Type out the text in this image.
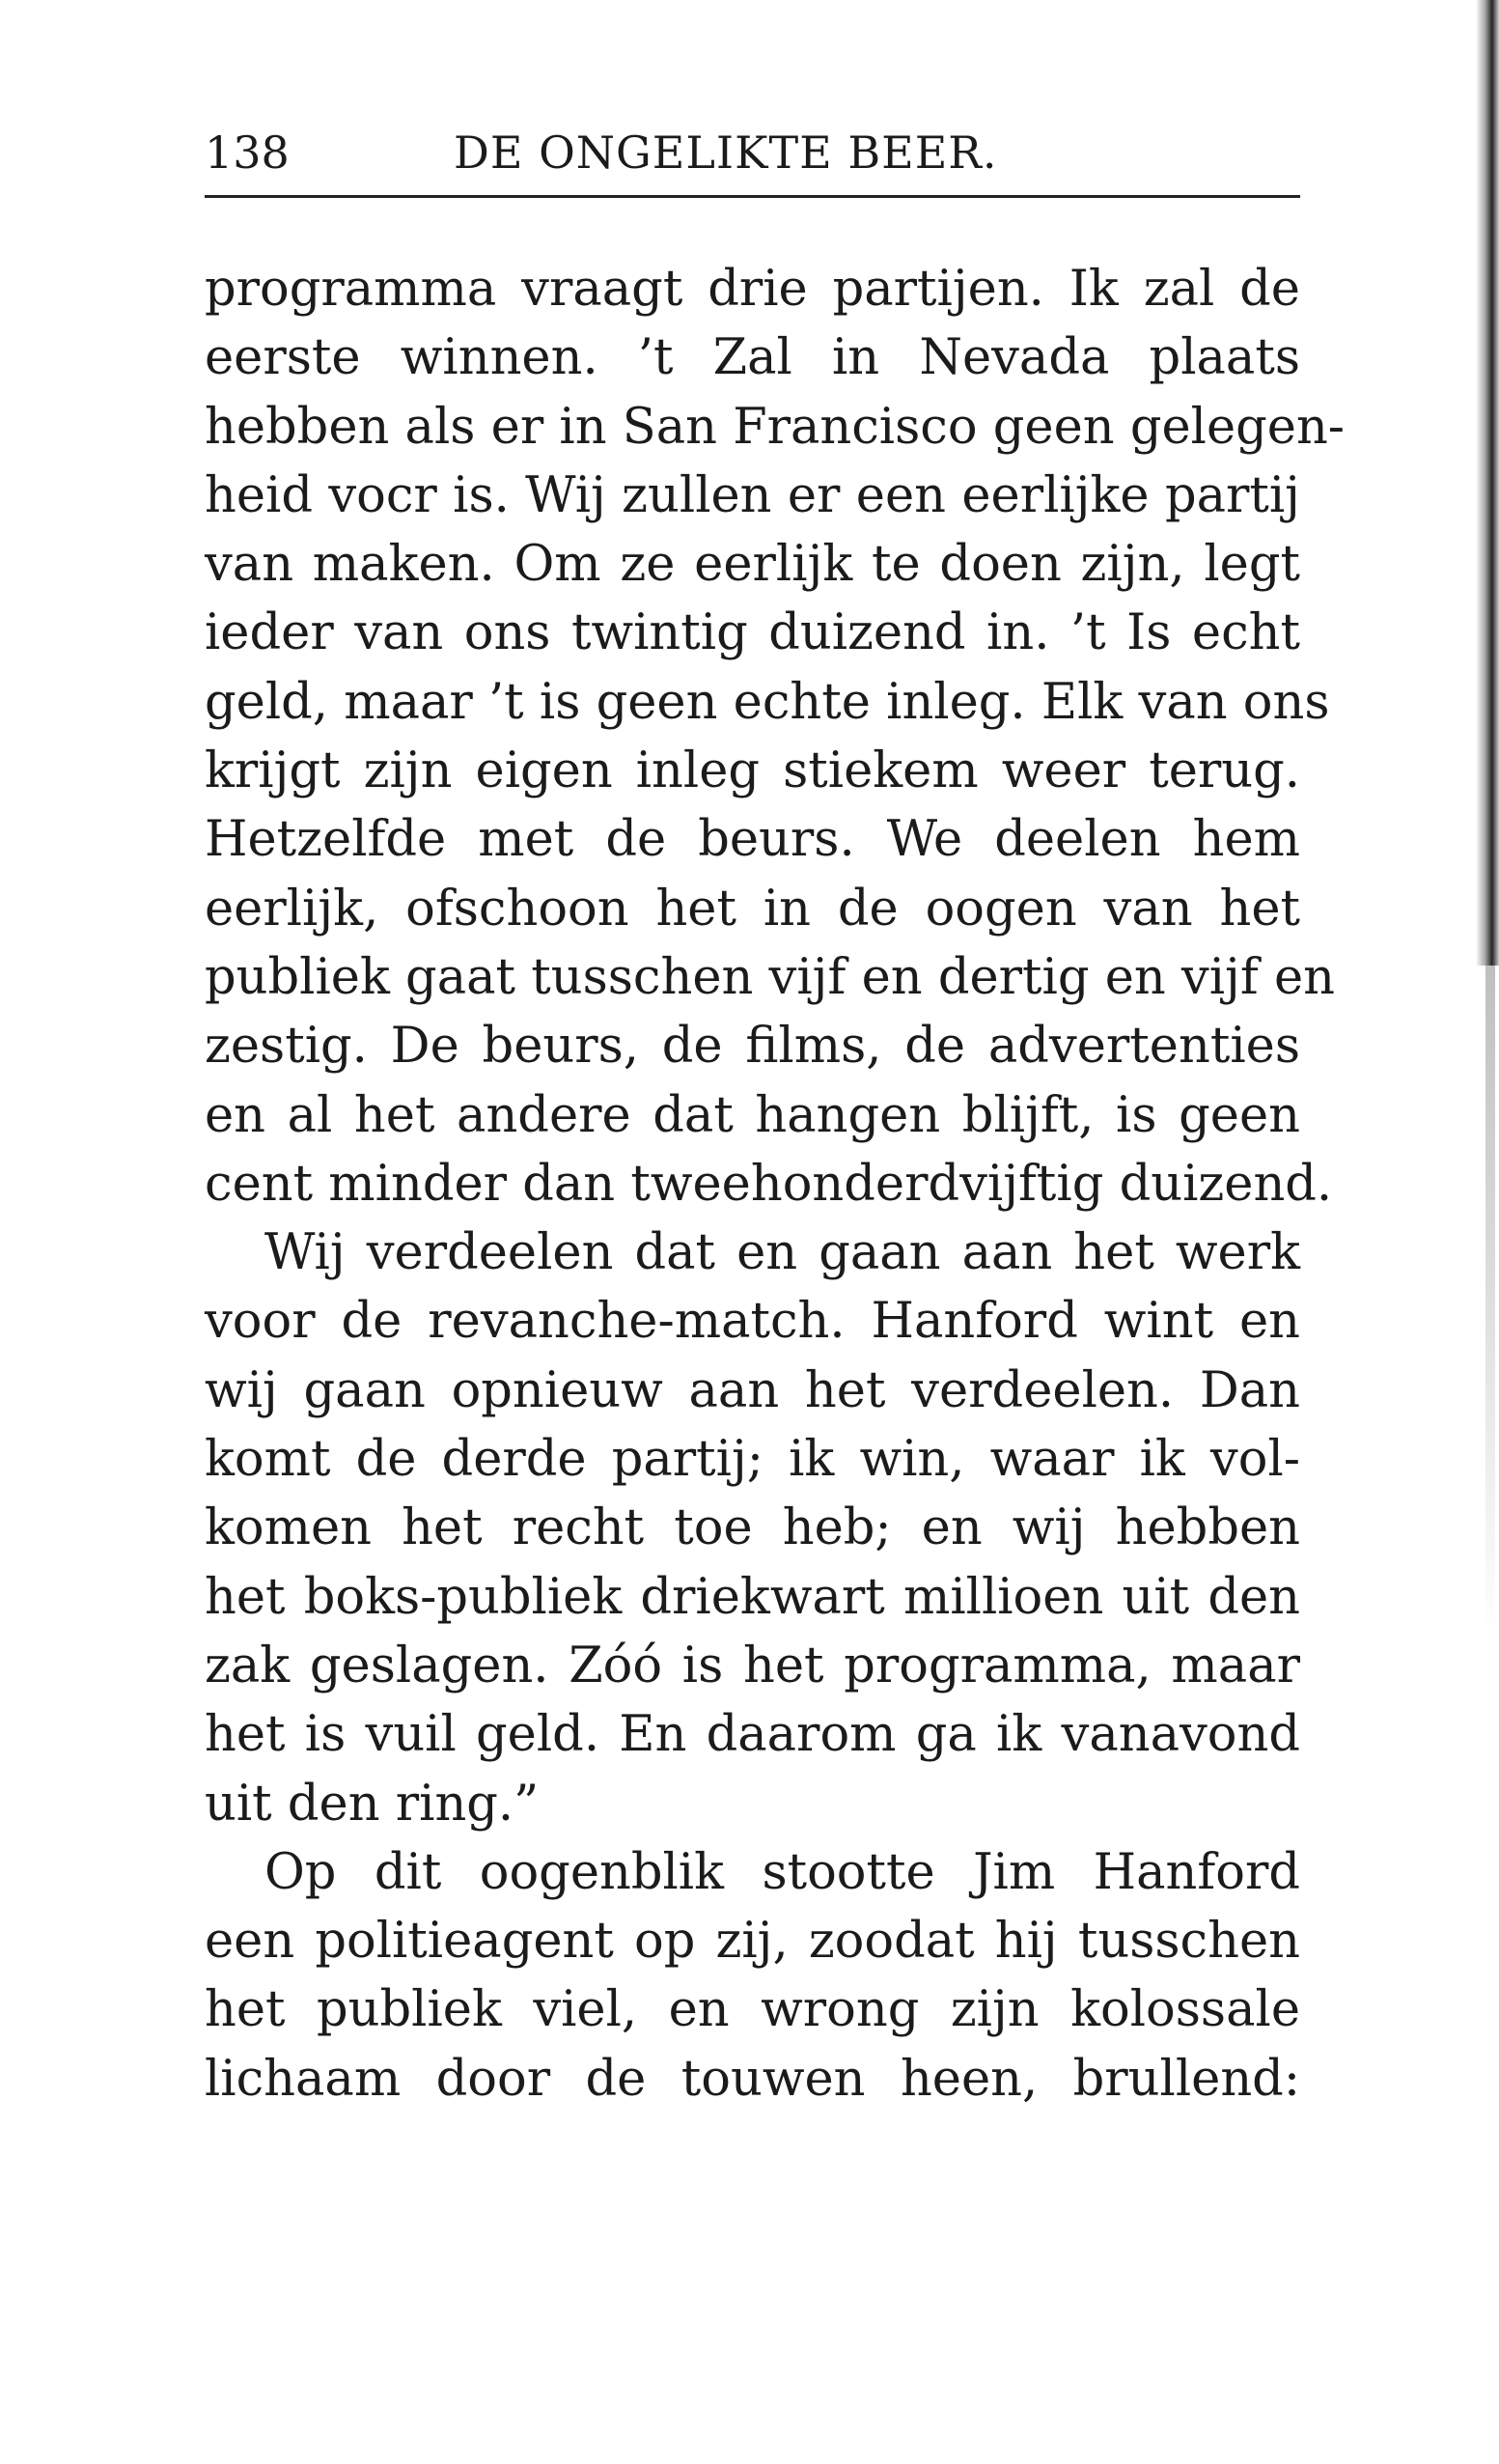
138	DE ONGELIKTE BEER.
programma vraagt drie partijen. Ik zal de
eerste winnen. ’t Zal in Nevada plaats
hebben als er in San Francisco geen gelegen-
heid vocr is. Wij zullen er een eerlijke partij
van maken. Om ze eerlijk te doen zijn, legt
ieder van ons twintig duizend in. ’t Is echt
geld, maar ’t is geen echte inleg. Elk van ons
krijgt zijn eigen inleg stiekem weer terug.
Hetzelfde met de beurs. We deelen hem
eerlijk, ofschoon het in de oogen van het
publiek gaat tusschen vijf en dertig en vijf en
zestig. De beurs, de films, de advertenties
en al het andere dat hangen blijft, is geen
cent minder dan tweehonderdvijftig duizend.
Wij verdeelen dat en gaan aan het werk
voor de revanche-match. Hanford wint en
wij gaan opnieuw aan het verdeelen. Dan
komt de derde partij; ik win, waar ik vol-
komen het recht toe heb; en wij hebben
het boks-publiek driekwart millioen uit den
zak geslagen. Zóó is het programma, maar
het is vuil geld. En daarom ga ik vanavond
uit den ring.”
Op dit oogenblik stootte Jim Hanford
een politieagent op zij, zoodat hij tusschen
het publiek viel, en wrong zijn kolossale
lichaam door de touwen heen, brullend:
